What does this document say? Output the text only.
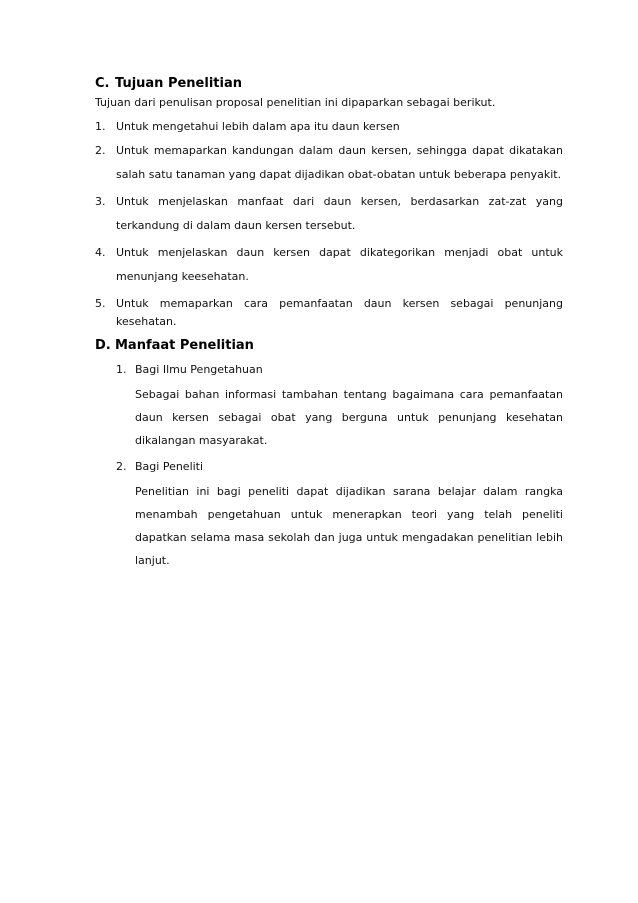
C. Tujuan Penelitian
Tujuan dari penulisan proposal penelitian ini dipaparkan sebagai berikut.
1. Untuk mengetahui lebih dalam apa itu daun kersen
2. Untuk memaparkan kandungan dalam daun kersen, sehingga dapat dikatakan salah satu tanaman yang dapat dijadikan obat-obatan untuk beberapa penyakit.
3. Untuk menjelaskan manfaat dari daun kersen, berdasarkan zat-zat yang terkandung di dalam daun kersen tersebut.
4. Untuk menjelaskan daun kersen dapat dikategorikan menjadi obat untuk menunjang keesehatan.
5. Untuk memaparkan cara pemanfaatan daun kersen sebagai penunjang kesehatan.
D. Manfaat Penelitian
1. Bagi Ilmu Pengetahuan
Sebagai bahan informasi tambahan tentang bagaimana cara pemanfaatan daun kersen sebagai obat yang berguna untuk penunjang kesehatan dikalangan masyarakat.
2. Bagi Peneliti
Penelitian ini bagi peneliti dapat dijadikan sarana belajar dalam rangka menambah pengetahuan untuk menerapkan teori yang telah peneliti dapatkan selama masa sekolah dan juga untuk mengadakan penelitian lebih lanjut.
